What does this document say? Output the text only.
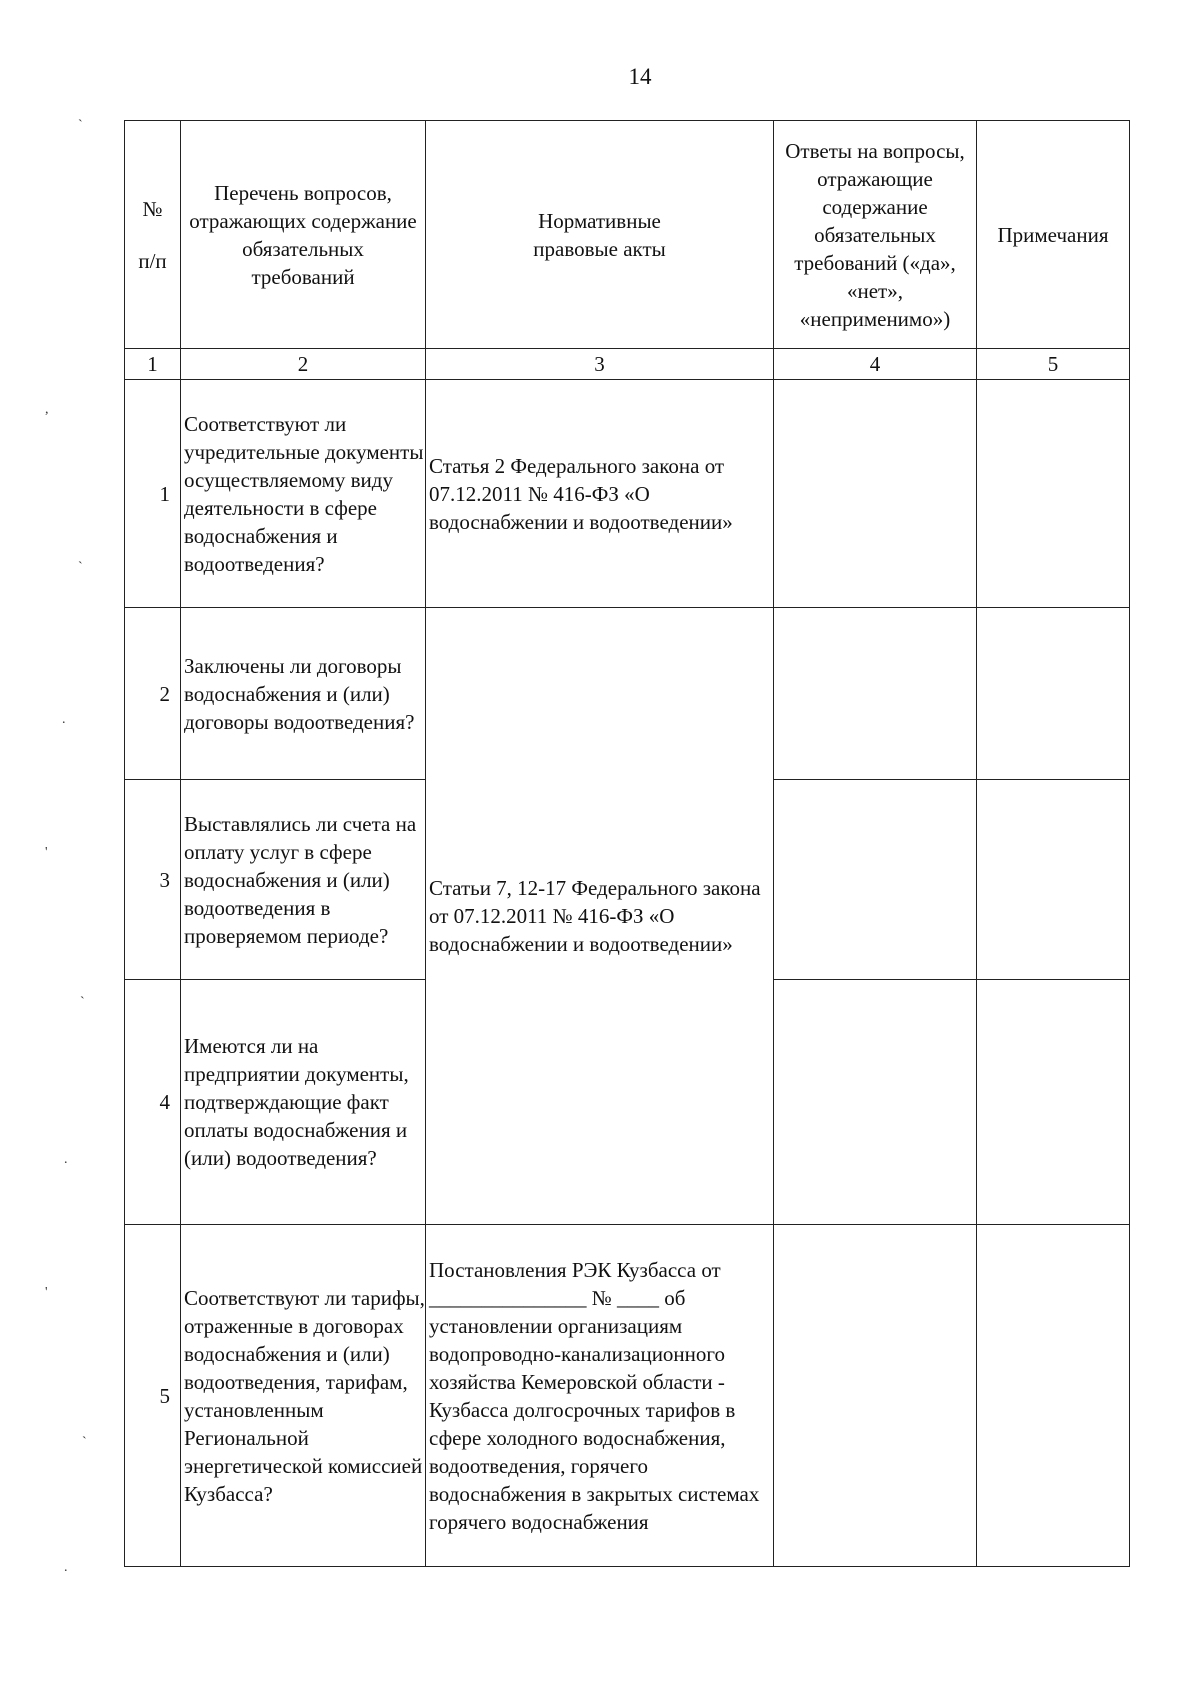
14
№
п/п	Перечень вопросов, отражающих содержание обязательных требований	Нормативные правовые акты	Ответы на вопросы, отражающие содержание обязательных требований («да», «нет», «неприменимо»)	Примечания
1	2	3	4	5
1	Соответствуют ли учредительные документы осуществляемому виду деятельности в сфере водоснабжения и водоотведения?	Статья 2 Федерального закона от 07.12.2011 № 416-ФЗ «О водоснабжении и водоотведении»		
2	Заключены ли договоры водоснабжения и (или) договоры водоотведения?	Статьи 7, 12-17 Федерального закона от 07.12.2011 № 416-ФЗ «О водоснабжении и водоотведении»		
3	Выставлялись ли счета на оплату услуг в сфере водоснабжения и (или) водоотведения в проверяемом периоде?			
4	Имеются ли на предприятии документы, подтверждающие факт оплаты водоснабжения и (или) водоотведения?			
5	Соответствуют ли тарифы, отраженные в договорах водоснабжения и (или) водоотведения, тарифам, установленным Региональной энергетической комиссией Кузбасса?	Постановления РЭК Кузбасса от _______________ № ____ об установлении организациям водопроводно-канализационного хозяйства Кемеровской области - Кузбасса долгосрочных тарифов в сфере холодного водоснабжения, водоотведения, горячего водоснабжения в закрытых системах горячего водоснабжения		
`
,
`
.
'
`
.
'
`
.
